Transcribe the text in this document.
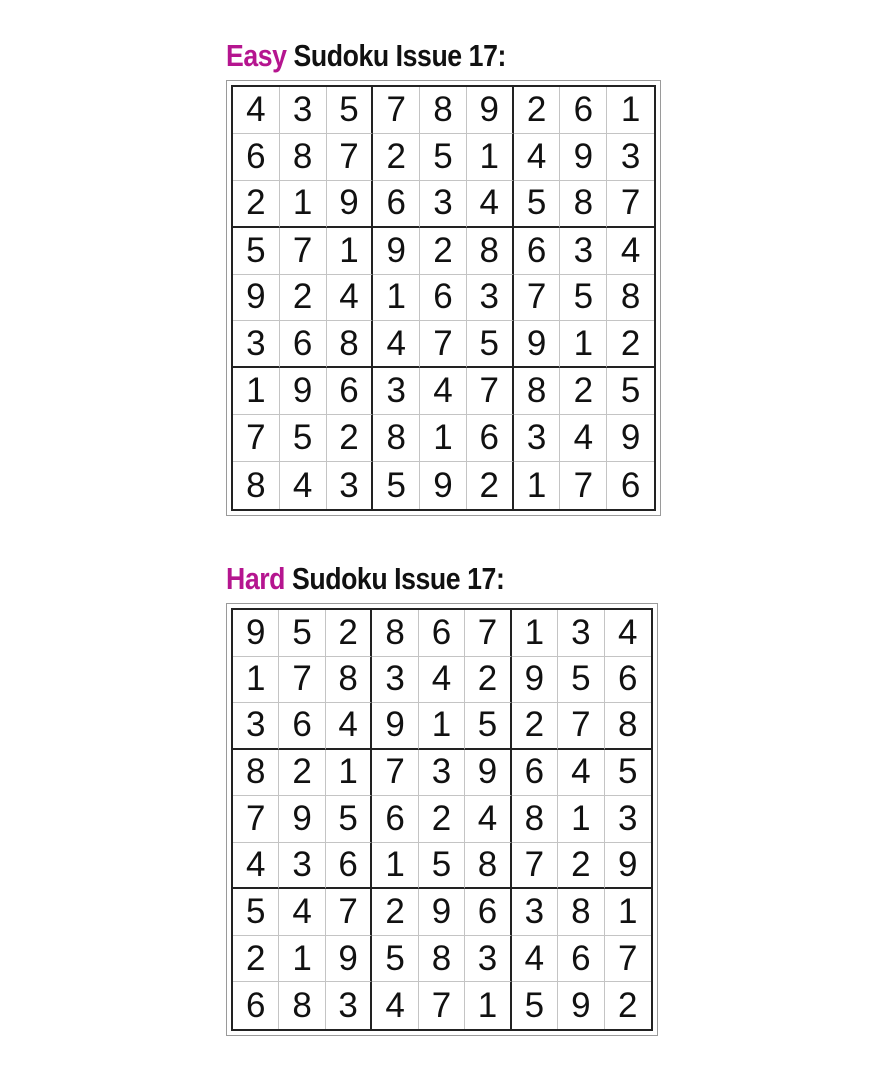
Easy Sudoku Issue 17:
4 3 5 7 8 9 2 6 1
6 8 7 2 5 1 4 9 3
2 1 9 6 3 4 5 8 7
5 7 1 9 2 8 6 3 4
9 2 4 1 6 3 7 5 8
3 6 8 4 7 5 9 1 2
1 9 6 3 4 7 8 2 5
7 5 2 8 1 6 3 4 9
8 4 3 5 9 2 1 7 6
Hard Sudoku Issue 17:
9 5 2 8 6 7 1 3 4
1 7 8 3 4 2 9 5 6
3 6 4 9 1 5 2 7 8
8 2 1 7 3 9 6 4 5
7 9 5 6 2 4 8 1 3
4 3 6 1 5 8 7 2 9
5 4 7 2 9 6 3 8 1
2 1 9 5 8 3 4 6 7
6 8 3 4 7 1 5 9 2
